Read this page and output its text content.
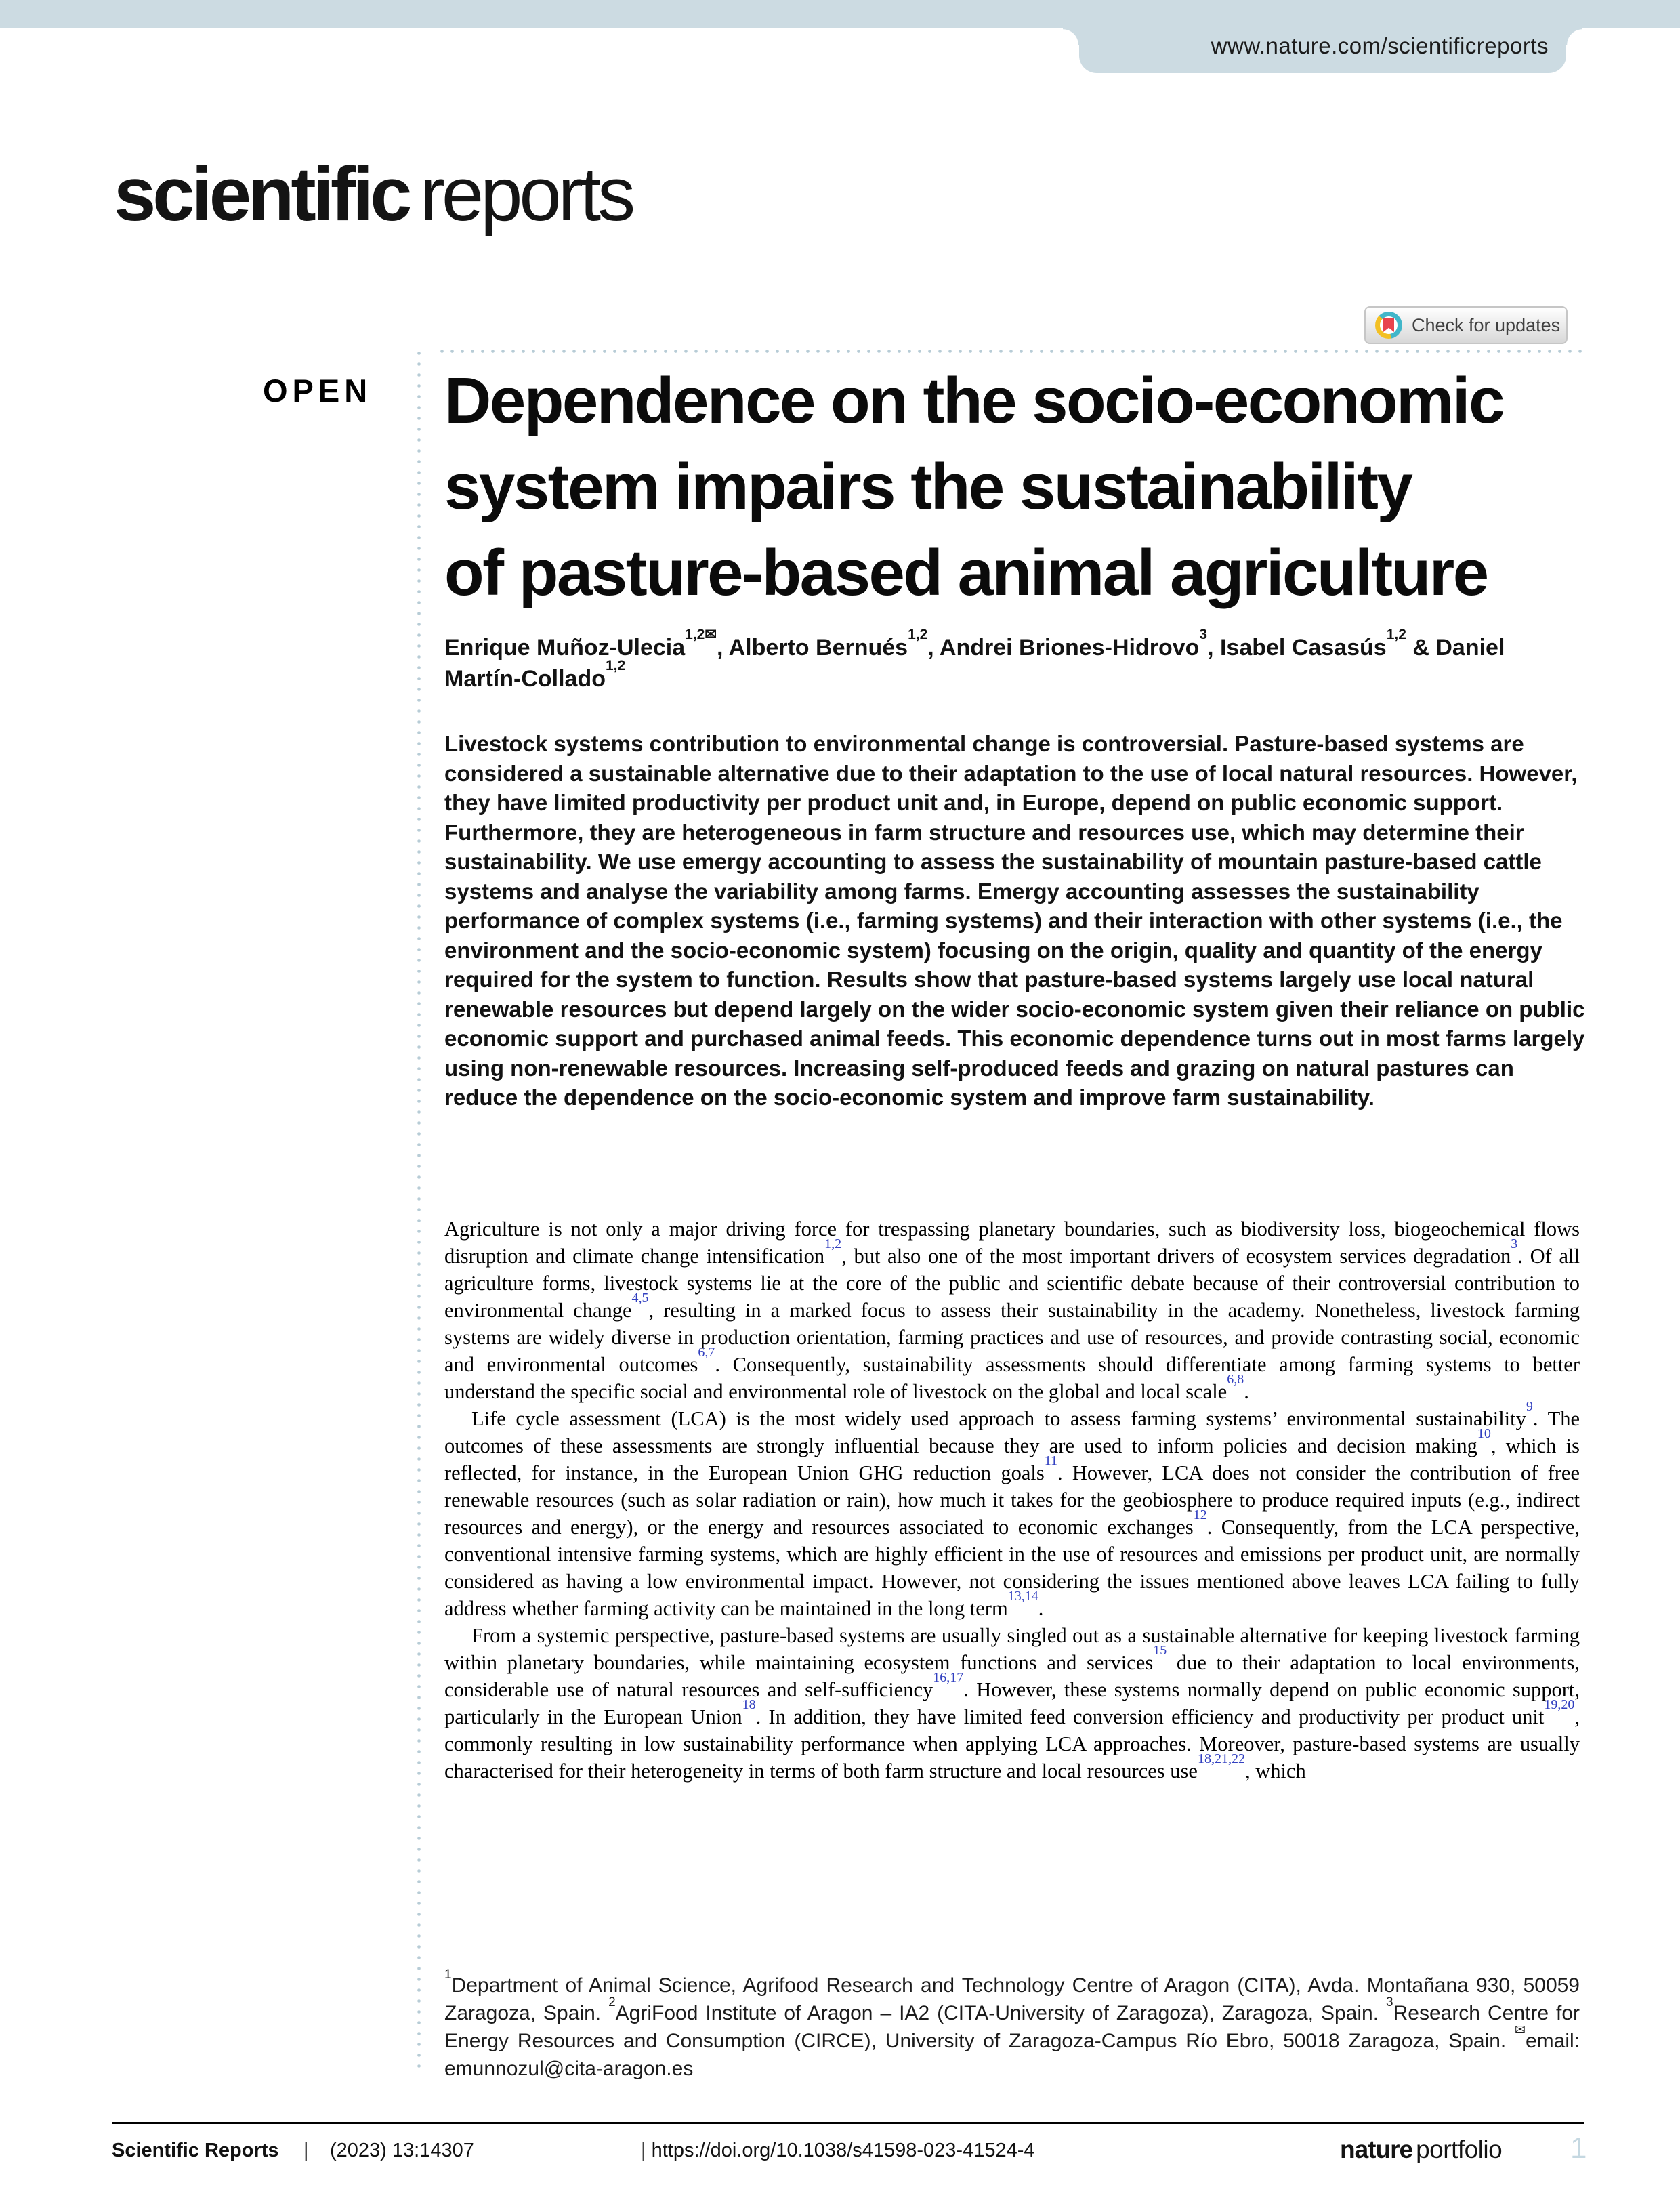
www.nature.com/scientificreports
scientific reports
Check for updates
OPEN Dependence on the socio-economic
system impairs the sustainability
of pasture-based animal agriculture
Enrique Muñoz-Ulecia$^{1,2✉}$, Alberto Bernués$^{1,2}$, Andrei Briones-Hidrovo$^3$, Isabel Casasús$^{1,2}$ & Daniel Martín-Collado$^{1,2}$
Livestock systems contribution to environmental change is controversial. Pasture-based systems are considered a sustainable alternative due to their adaptation to the use of local natural resources. However, they have limited productivity per product unit and, in Europe, depend on public economic support. Furthermore, they are heterogeneous in farm structure and resources use, which may determine their sustainability. We use emergy accounting to assess the sustainability of mountain pasture-based cattle systems and analyse the variability among farms. Emergy accounting assesses the sustainability performance of complex systems (i.e., farming systems) and their interaction with other systems (i.e., the environment and the socio-economic system) focusing on the origin, quality and quantity of the energy required for the system to function. Results show that pasture-based systems largely use local natural renewable resources but depend largely on the wider socio-economic system given their reliance on public economic support and purchased animal feeds. This economic dependence turns out in most farms largely using non-renewable resources. Increasing self-produced feeds and grazing on natural pastures can reduce the dependence on the socio-economic system and improve farm sustainability.

Agriculture is not only a major driving force for trespassing planetary boundaries, such as biodiversity loss, biogeochemical flows disruption and climate change intensification$^{1,2}$, but also one of the most important drivers of ecosystem services degradation$^3$. Of all agriculture forms, livestock systems lie at the core of the public and scientific debate because of their controversial contribution to environmental change$^{4,5}$, resulting in a marked focus to assess their sustainability in the academy. Nonetheless, livestock farming systems are widely diverse in production orientation, farming practices and use of resources, and provide contrasting social, economic and environmental outcomes$^{6,7}$. Consequently, sustainability assessments should differentiate among farming systems to better understand the specific social and environmental role of livestock on the global and local scale$^{6,8}$.

Life cycle assessment (LCA) is the most widely used approach to assess farming systems’ environmental sustainability$^9$. The outcomes of these assessments are strongly influential because they are used to inform policies and decision making$^{10}$, which is reflected, for instance, in the European Union GHG reduction goals$^{11}$. However, LCA does not consider the contribution of free renewable resources (such as solar radiation or rain), how much it takes for the geobiosphere to produce required inputs (e.g., indirect resources and energy), or the energy and resources associated to economic exchanges$^{12}$. Consequently, from the LCA perspective, conventional intensive farming systems, which are highly efficient in the use of resources and emissions per product unit, are normally considered as having a low environmental impact. However, not considering the issues mentioned above leaves LCA failing to fully address whether farming activity can be maintained in the long term$^{13,14}$.

From a systemic perspective, pasture-based systems are usually singled out as a sustainable alternative for keeping livestock farming within planetary boundaries, while maintaining ecosystem functions and services$^{15}$ due to their adaptation to local environments, considerable use of natural resources and self-sufficiency$^{16,17}$. However, these systems normally depend on public economic support, particularly in the European Union$^{18}$. In addition, they have limited feed conversion efficiency and productivity per product unit$^{19,20}$, commonly resulting in low sustainability performance when applying LCA approaches. Moreover, pasture-based systems are usually characterised for their heterogeneity in terms of both farm structure and local resources use$^{18,21,22}$, which

$^1$Department of Animal Science, Agrifood Research and Technology Centre of Aragon (CITA), Avda. Montañana 930, 50059 Zaragoza, Spain. $^2$AgriFood Institute of Aragon – IA2 (CITA-University of Zaragoza), Zaragoza, Spain. $^3$Research Centre for Energy Resources and Consumption (CIRCE), University of Zaragoza-Campus Río Ebro, 50018 Zaragoza, Spain. ✉email: emunnozul@cita-aragon.es
Scientific Reports | (2023) 13:14307	| https://doi.org/10.1038/s41598-023-41524-4	nature portfolio 1
